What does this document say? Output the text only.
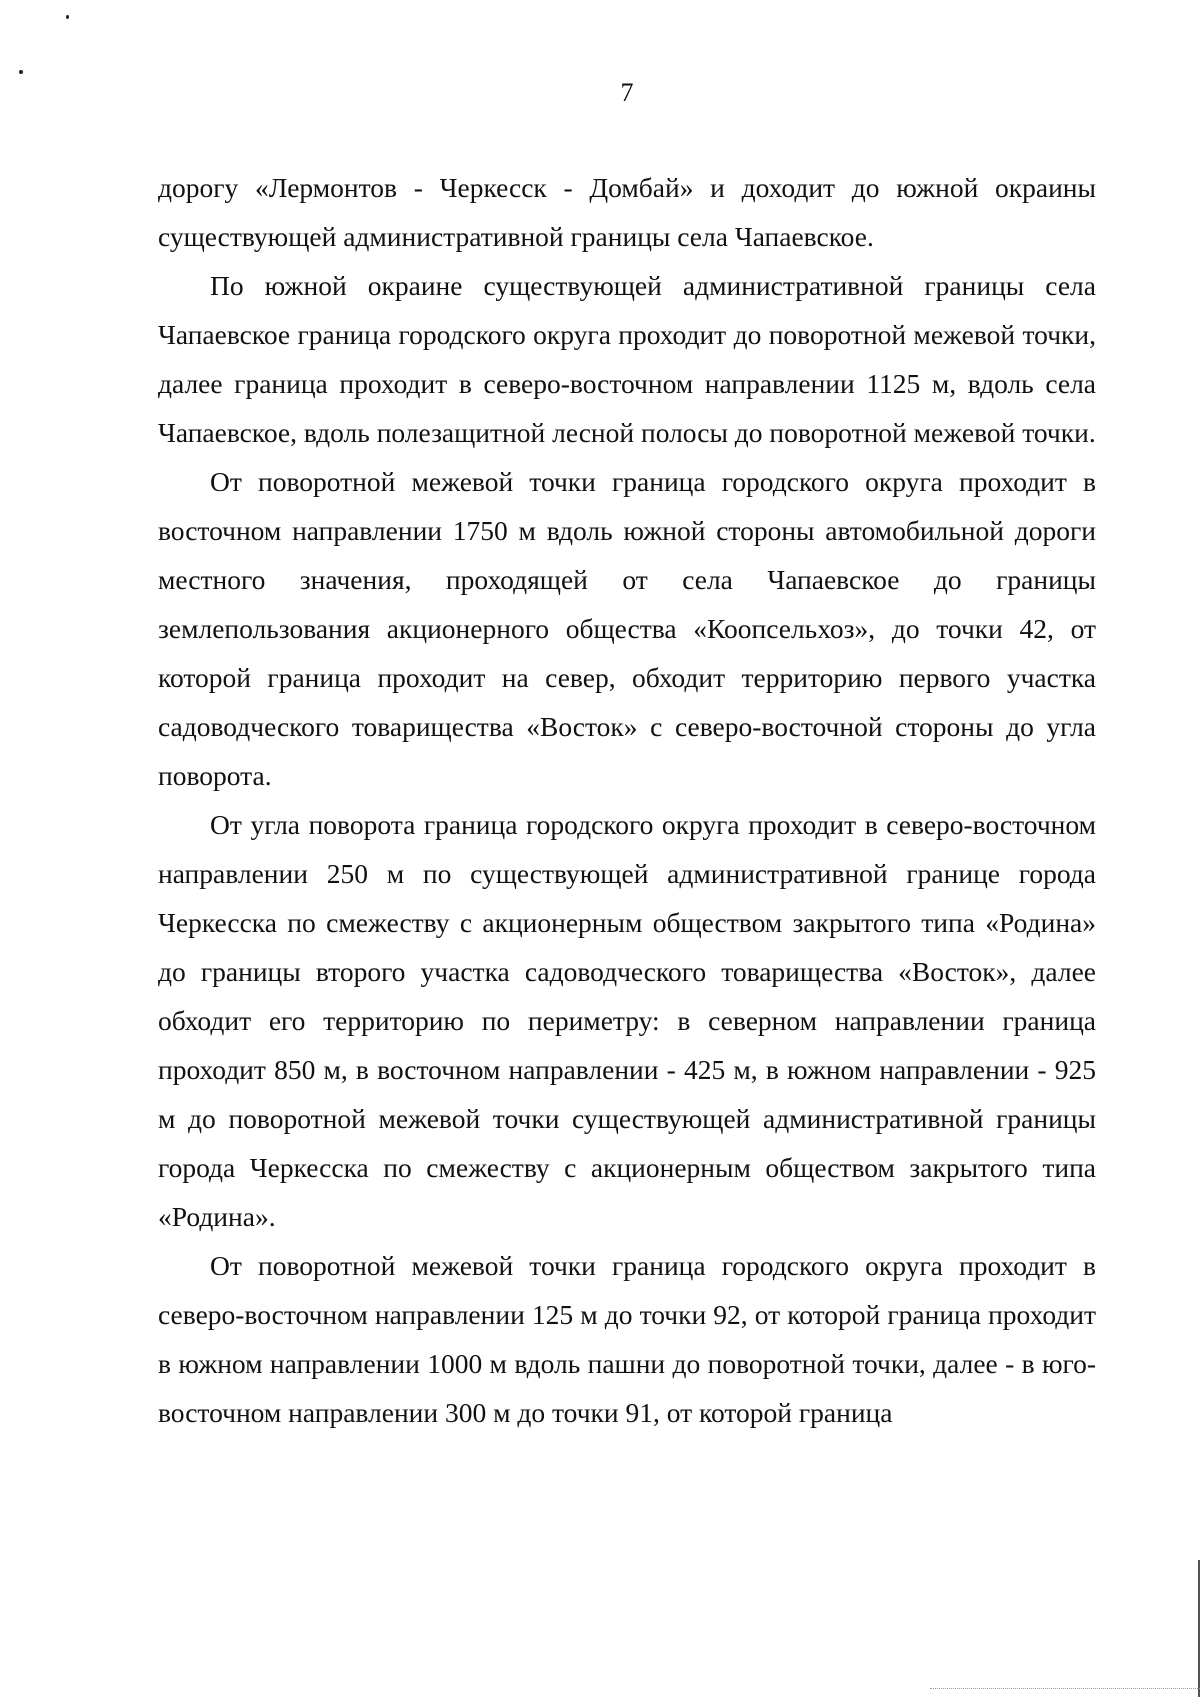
7

дорогу «Лермонтов - Черкесск - Домбай» и доходит до южной окраины существующей административной границы села Чапаевское.

По южной окраине существующей административной границы села Чапаевское граница городского округа проходит до поворотной межевой точки, далее граница проходит в северо-восточном направлении 1125 м, вдоль села Чапаевское, вдоль полезащитной лесной полосы до поворотной межевой точки.

От поворотной межевой точки граница городского округа проходит в восточном направлении 1750 м вдоль южной стороны автомобильной дороги местного значения, проходящей от села Чапаевское до границы землепользования акционерного общества «Коопсельхоз», до точки 42, от которой граница проходит на север, обходит территорию первого участка садоводческого товарищества «Восток» с северо-восточной стороны до угла поворота.

От угла поворота граница городского округа проходит в северо-восточном направлении 250 м по существующей административной границе города Черкесска по смежеству с акционерным обществом закрытого типа «Родина» до границы второго участка садоводческого товарищества «Восток», далее обходит его территорию по периметру: в северном направлении граница проходит 850 м, в восточном направлении - 425 м, в южном направлении - 925 м до поворотной межевой точки существующей административной границы города Черкесска по смежеству с акционерным обществом закрытого типа «Родина».

От поворотной межевой точки граница городского округа проходит в северо-восточном направлении 125 м до точки 92, от которой граница проходит в южном направлении 1000 м вдоль пашни до поворотной точки, далее - в юго-восточном направлении 300 м до точки 91, от которой граница
